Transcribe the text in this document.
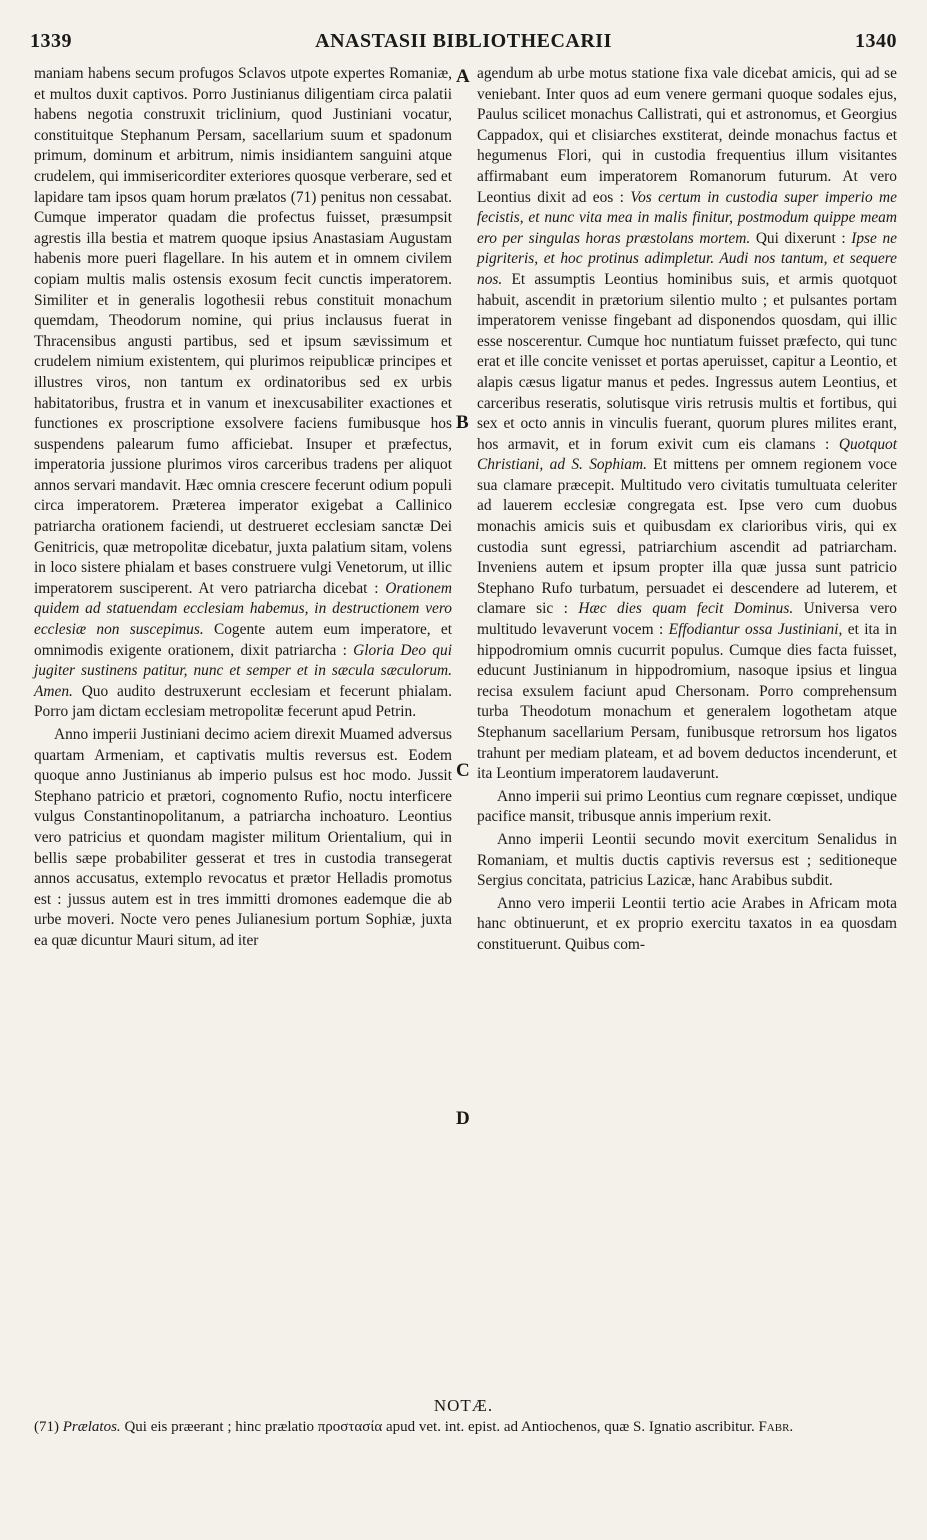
1339	ANASTASII BIBLIOTHECARII	1340
A
B
C
D

maniam habens secum profugos Sclavos utpote expertes Romaniæ, et multos duxit captivos. Porro Justinianus diligentiam circa palatii habens negotia construxit triclinium, quod Justiniani vocatur, constituitque Stephanum Persam, sacellarium suum et spadonum primum, dominum et arbitrum, nimis insidiantem sanguini atque crudelem, qui immisericorditer exteriores quosque verberare, sed et lapidare tam ipsos quam horum prælatos (71) penitus non cessabat. Cumque imperator quadam die profectus fuisset, præsumpsit agrestis illa bestia et matrem quoque ipsius Anastasiam Augustam habenis more pueri flagellare. In his autem et in omnem civilem copiam multis malis ostensis exosum fecit cunctis imperatorem. Similiter et in generalis logothesii rebus constituit monachum quemdam, Theodorum nomine, qui prius inclausus fuerat in Thracensibus angusti partibus, sed et ipsum sævissimum et crudelem nimium existentem, qui plurimos reipublicæ principes et illustres viros, non tantum ex ordinatoribus sed ex urbis habitatoribus, frustra et in vanum et inexcusabiliter exactiones et functiones ex proscriptione exsolvere faciens fumibusque hos suspendens palearum fumo afficiebat. Insuper et præfectus, imperatoria jussione plurimos viros carceribus tradens per aliquot annos servari mandavit. Hæc omnia crescere fecerunt odium populi circa imperatorem. Præterea imperator exigebat a Callinico patriarcha orationem faciendi, ut destrueret ecclesiam sanctæ Dei Genitricis, quæ metropolitæ dicebatur, juxta palatium sitam, volens in loco sistere phialam et bases construere vulgi Venetorum, ut illic imperatorem susciperent. At vero patriarcha dicebat : Orationem quidem ad statuendam ecclesiam habemus, in destructionem vero ecclesiæ non suscepimus. Cogente autem eum imperatore, et omnimodis exigente orationem, dixit patriarcha : Gloria Deo qui jugiter sustinens patitur, nunc et semper et in sæcula sæculorum. Amen. Quo audito destruxerunt ecclesiam et fecerunt phialam. Porro jam dictam ecclesiam metropolitæ fecerunt apud Petrin.

Anno imperii Justiniani decimo aciem direxit Muamed adversus quartam Armeniam, et captivatis multis reversus est. Eodem quoque anno Justinianus ab imperio pulsus est hoc modo. Jussit Stephano patricio et prætori, cognomento Rufio, noctu interficere vulgus Constantinopolitanum, a patriarcha inchoaturo. Leontius vero patricius et quondam magister militum Orientalium, qui in bellis sæpe probabiliter gesserat et tres in custodia transegerat annos accusatus, extemplo revocatus et prætor Helladis promotus est : jussus autem est in tres immitti dromones eademque die ab urbe moveri. Nocte vero penes Julianesium portum Sophiæ, juxta ea quæ dicuntur Mauri situm, ad iter

agendum ab urbe motus statione fixa vale dicebat amicis, qui ad se veniebant. Inter quos ad eum venere germani quoque sodales ejus, Paulus scilicet monachus Callistrati, qui et astronomus, et Georgius Cappadox, qui et clisiarches exstiterat, deinde monachus factus et hegumenus Flori, qui in custodia frequentius illum visitantes affirmabant eum imperatorem Romanorum futurum. At vero Leontius dixit ad eos : Vos certum in custodia super imperio me fecistis, et nunc vita mea in malis finitur, postmodum quippe meam ero per singulas horas præstolans mortem. Qui dixerunt : Ipse ne pigriteris, et hoc protinus adimpletur. Audi nos tantum, et sequere nos. Et assumptis Leontius hominibus suis, et armis quotquot habuit, ascendit in prætorium silentio multo ; et pulsantes portam imperatorem venisse fingebant ad disponendos quosdam, qui illic esse noscerentur. Cumque hoc nuntiatum fuisset præfecto, qui tunc erat et ille concite venisset et portas aperuisset, capitur a Leontio, et alapis cæsus ligatur manus et pedes. Ingressus autem Leontius, et carceribus reseratis, solutisque viris retrusis multis et fortibus, qui sex et octo annis in vinculis fuerant, quorum plures milites erant, hos armavit, et in forum exivit cum eis clamans : Quotquot Christiani, ad S. Sophiam. Et mittens per omnem regionem voce sua clamare præcepit. Multitudo vero civitatis tumultuata celeriter ad lauerem ecclesiæ congregata est. Ipse vero cum duobus monachis amicis suis et quibusdam ex clarioribus viris, qui ex custodia sunt egressi, patriarchium ascendit ad patriarcham. Inveniens autem et ipsum propter illa quæ jussa sunt patricio Stephano Rufo turbatum, persuadet ei descendere ad luterem, et clamare sic : Hæc dies quam fecit Dominus. Universa vero multitudo levaverunt vocem : Effodiantur ossa Justiniani, et ita in hippodromium omnis cucurrit populus. Cumque dies facta fuisset, educunt Justinianum in hippodromium, nasoque ipsius et lingua recisa exsulem faciunt apud Chersonam. Porro comprehensum turba Theodotum monachum et generalem logothetam atque Stephanum sacellarium Persam, funibusque retrorsum hos ligatos trahunt per mediam plateam, et ad bovem deductos incenderunt, et ita Leontium imperatorem laudaverunt.

Anno imperii sui primo Leontius cum regnare cœpisset, undique pacifice mansit, tribusque annis imperium rexit.

Anno imperii Leontii secundo movit exercitum Senalidus in Romaniam, et multis ductis captivis reversus est ; seditioneque Sergius concitata, patricius Lazicæ, hanc Arabibus subdit.

Anno vero imperii Leontii tertio acie Arabes in Africam mota hanc obtinuerunt, et ex proprio exercitu taxatos in ea quosdam constituerunt. Quibus com-

NOTÆ.
(71) Prælatos. Qui eis præerant ; hinc prælatio προστασία apud vet. int. epist. ad Antiochenos, quæ S. Ignatio ascribitur. Fabr.
